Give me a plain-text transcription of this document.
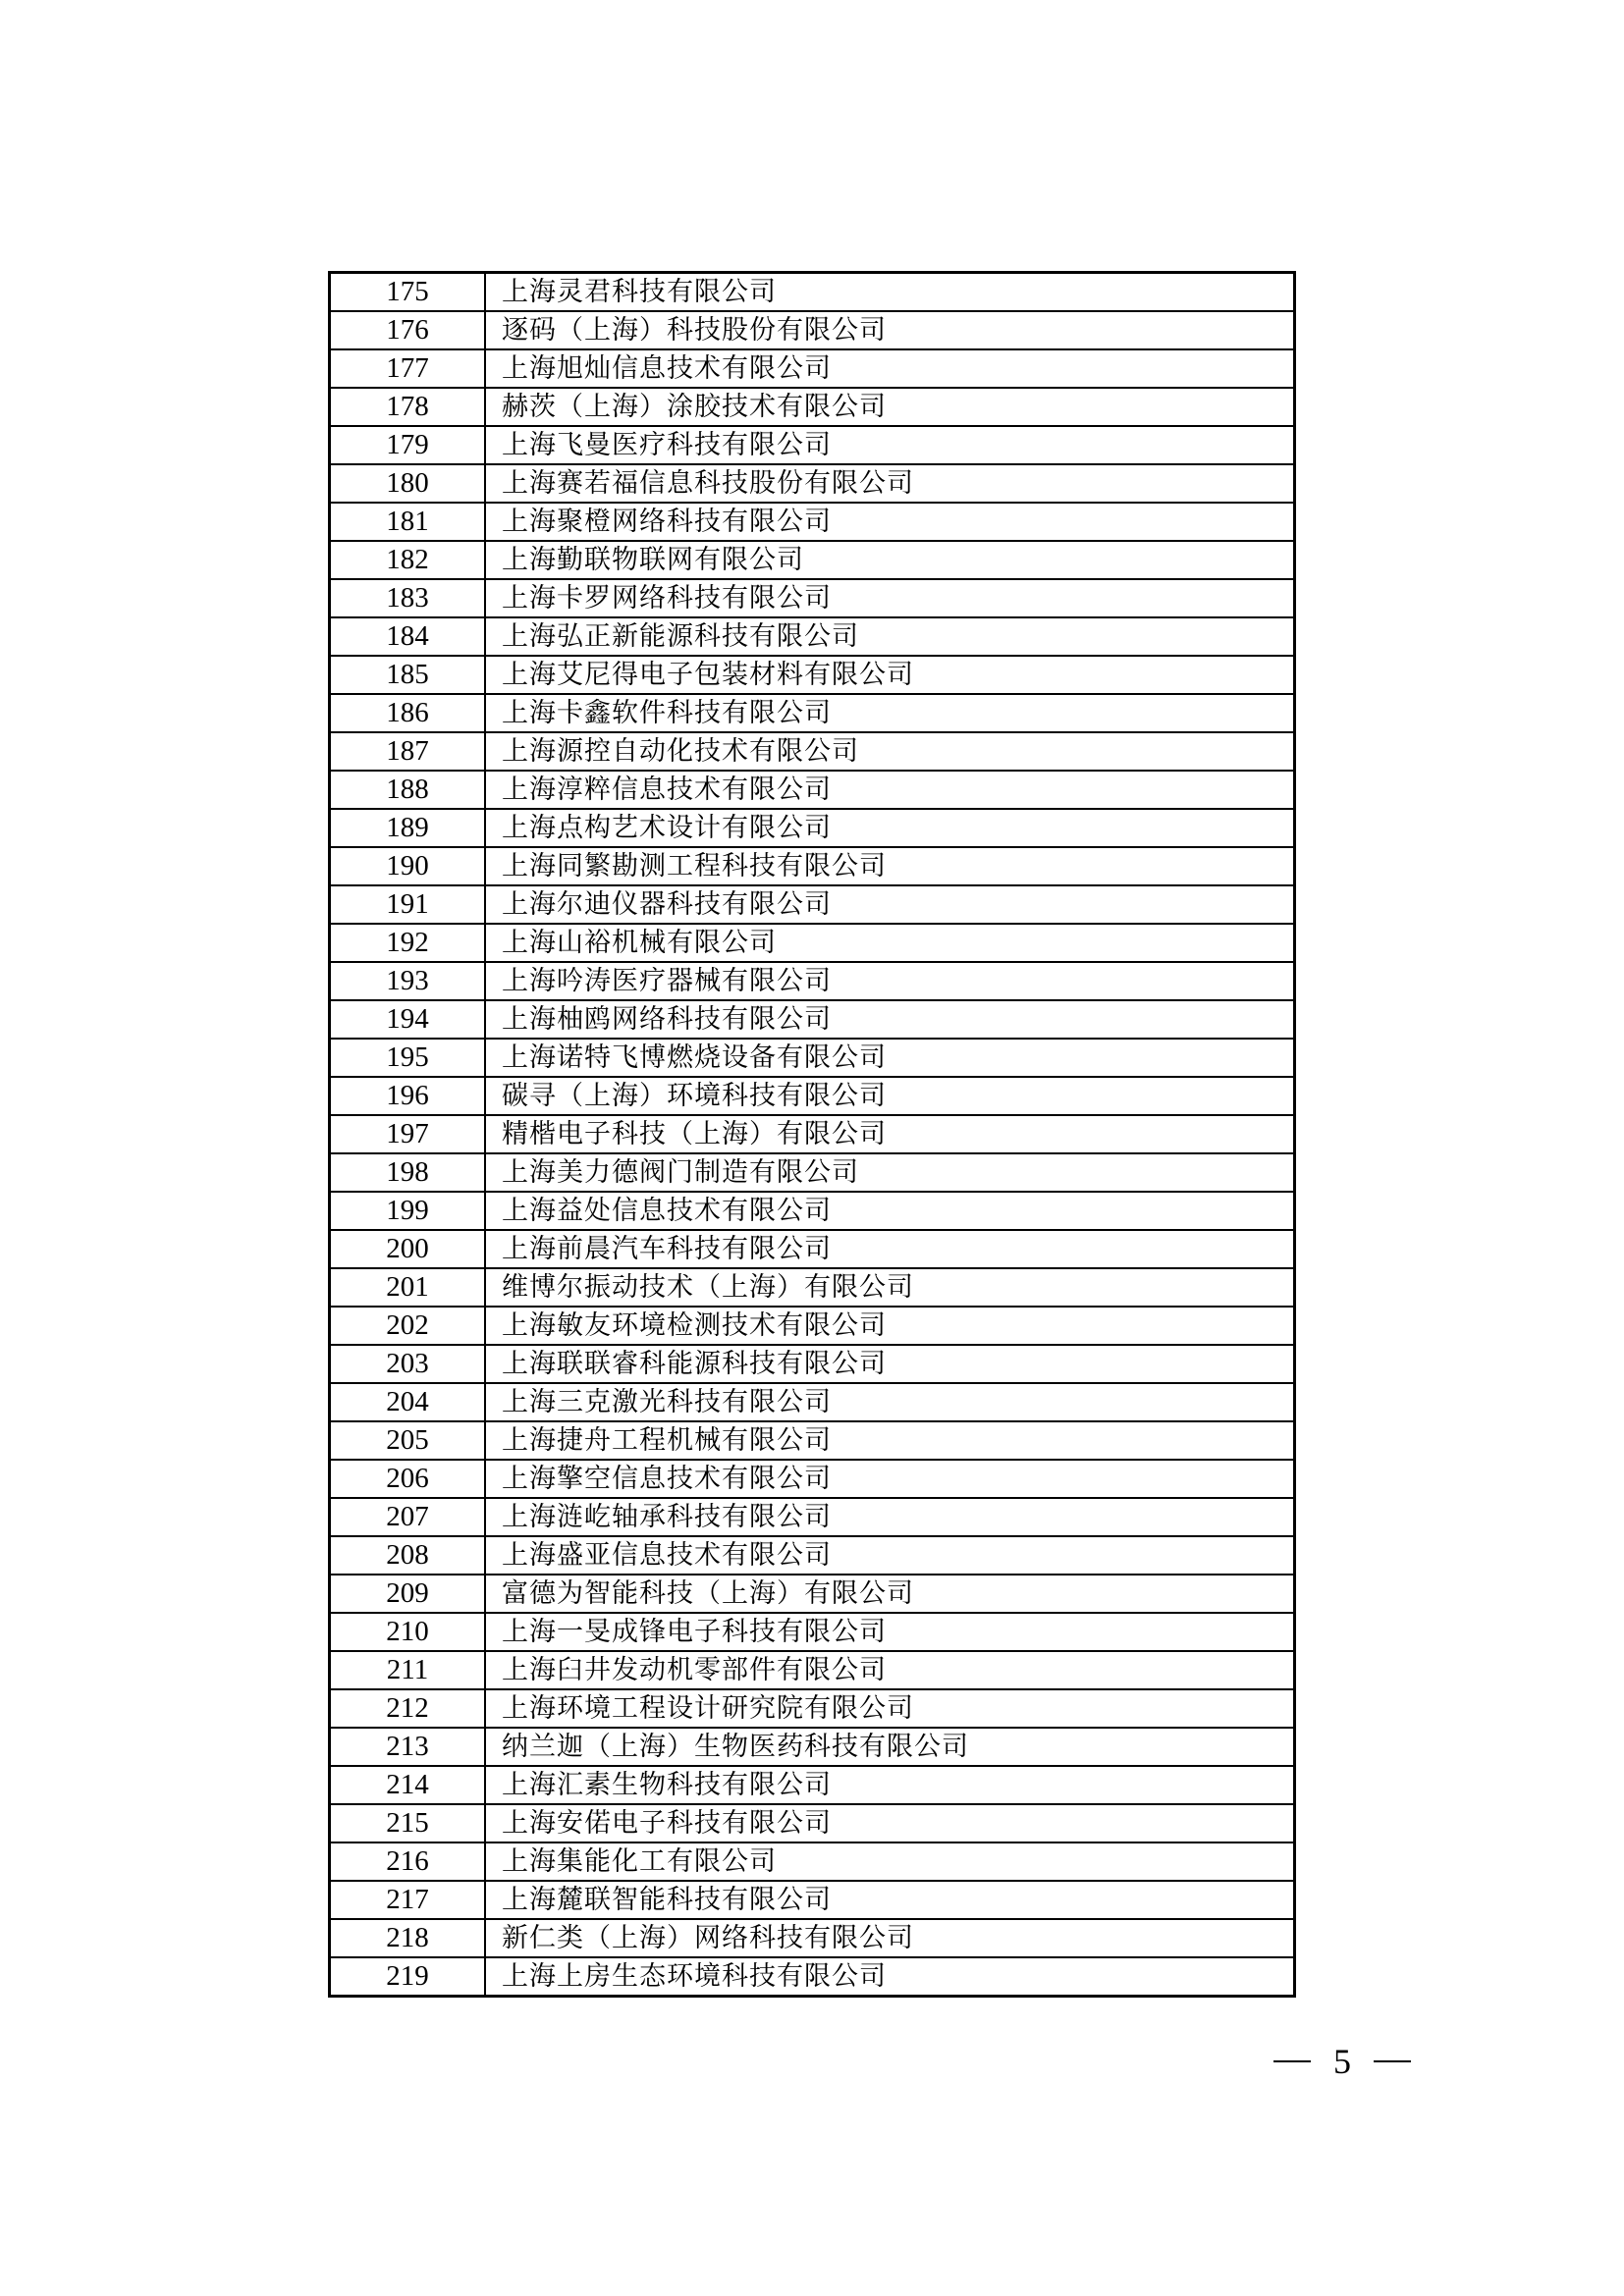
175	上海灵君科技有限公司
176	逐码（上海）科技股份有限公司
177	上海旭灿信息技术有限公司
178	赫茨（上海）涂胶技术有限公司
179	上海飞曼医疗科技有限公司
180	上海赛若福信息科技股份有限公司
181	上海聚橙网络科技有限公司
182	上海勤联物联网有限公司
183	上海卡罗网络科技有限公司
184	上海弘正新能源科技有限公司
185	上海艾尼得电子包装材料有限公司
186	上海卡鑫软件科技有限公司
187	上海源控自动化技术有限公司
188	上海淳粹信息技术有限公司
189	上海点构艺术设计有限公司
190	上海同繁勘测工程科技有限公司
191	上海尔迪仪器科技有限公司
192	上海山裕机械有限公司
193	上海吟涛医疗器械有限公司
194	上海柚鸥网络科技有限公司
195	上海诺特飞博燃烧设备有限公司
196	碳寻（上海）环境科技有限公司
197	精楷电子科技（上海）有限公司
198	上海美力德阀门制造有限公司
199	上海益处信息技术有限公司
200	上海前晨汽车科技有限公司
201	维博尔振动技术（上海）有限公司
202	上海敏友环境检测技术有限公司
203	上海联联睿科能源科技有限公司
204	上海三克激光科技有限公司
205	上海捷舟工程机械有限公司
206	上海擎空信息技术有限公司
207	上海涟屹轴承科技有限公司
208	上海盛亚信息技术有限公司
209	富德为智能科技（上海）有限公司
210	上海一旻成锋电子科技有限公司
211	上海臼井发动机零部件有限公司
212	上海环境工程设计研究院有限公司
213	纳兰迦（上海）生物医药科技有限公司
214	上海汇素生物科技有限公司
215	上海安偌电子科技有限公司
216	上海集能化工有限公司
217	上海麓联智能科技有限公司
218	新仁类（上海）网络科技有限公司
219	上海上房生态环境科技有限公司
5
